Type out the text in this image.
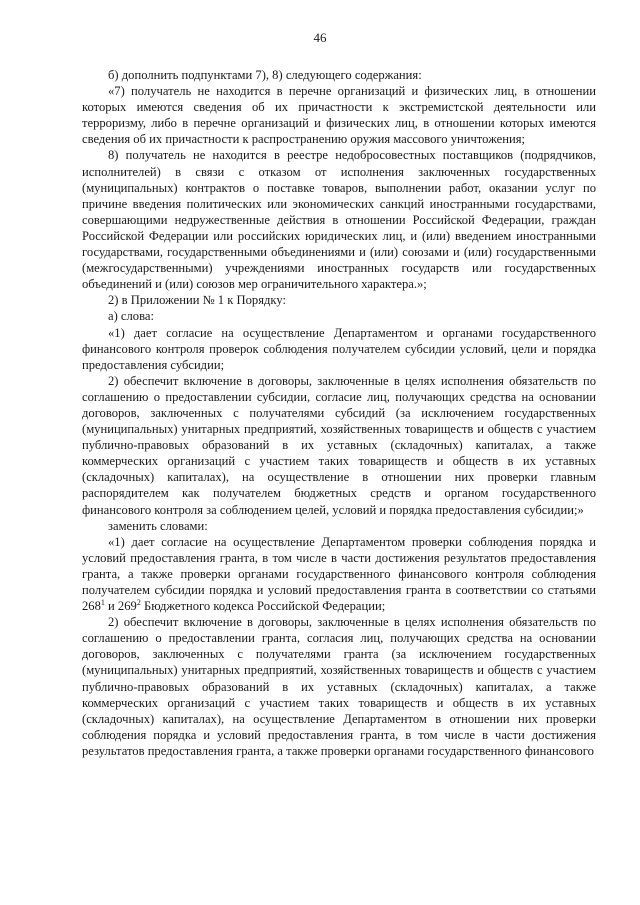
46

б) дополнить подпунктами 7), 8) следующего содержания:

«7) получатель не находится в перечне организаций и физических лиц, в отношении которых имеются сведения об их причастности к экстремистской деятельности или терроризму, либо в перечне организаций и физических лиц, в отношении которых имеются сведения об их причастности к распространению оружия массового уничтожения;

8) получатель не находится в реестре недобросовестных поставщиков (подрядчиков, исполнителей) в связи с отказом от исполнения заключенных государственных (муниципальных) контрактов о поставке товаров, выполнении работ, оказании услуг по причине введения политических или экономических санкций иностранными государствами, совершающими недружественные действия в отношении Российской Федерации, граждан Российской Федерации или российских юридических лиц, и (или) введением иностранными государствами, государственными объединениями и (или) союзами и (или) государственными (межгосударственными) учреждениями иностранных государств или государственных объединений и (или) союзов мер ограничительного характера.»;

2) в Приложении № 1 к Порядку:

а) слова:

«1) дает согласие на осуществление Департаментом и органами государственного финансового контроля проверок соблюдения получателем субсидии условий, цели и порядка предоставления субсидии;

2) обеспечит включение в договоры, заключенные в целях исполнения обязательств по соглашению о предоставлении субсидии, согласие лиц, получающих средства на основании договоров, заключенных с получателями субсидий (за исключением государственных (муниципальных) унитарных предприятий, хозяйственных товариществ и обществ с участием публично-правовых образований в их уставных (складочных) капиталах, а также коммерческих организаций с участием таких товариществ и обществ в их уставных (складочных) капиталах), на осуществление в отношении них проверки главным распорядителем как получателем бюджетных средств и органом государственного финансового контроля за соблюдением целей, условий и порядка предоставления субсидии;»

заменить словами:

«1) дает согласие на осуществление Департаментом проверки соблюдения порядка и условий предоставления гранта, в том числе в части достижения результатов предоставления гранта, а также проверки органами государственного финансового контроля соблюдения получателем субсидии порядка и условий предоставления гранта в соответствии со статьями $268^1$ и $269^2$ Бюджетного кодекса Российской Федерации;

2) обеспечит включение в договоры, заключенные в целях исполнения обязательств по соглашению о предоставлении гранта, согласия лиц, получающих средства на основании договоров, заключенных с получателями гранта (за исключением государственных (муниципальных) унитарных предприятий, хозяйственных товариществ и обществ с участием публично-правовых образований в их уставных (складочных) капиталах, а также коммерческих организаций с участием таких товариществ и обществ в их уставных (складочных) капиталах), на осуществление Департаментом в отношении них проверки соблюдения порядка и условий предоставления гранта, в том числе в части достижения результатов предоставления гранта, а также проверки органами государственного финансового
